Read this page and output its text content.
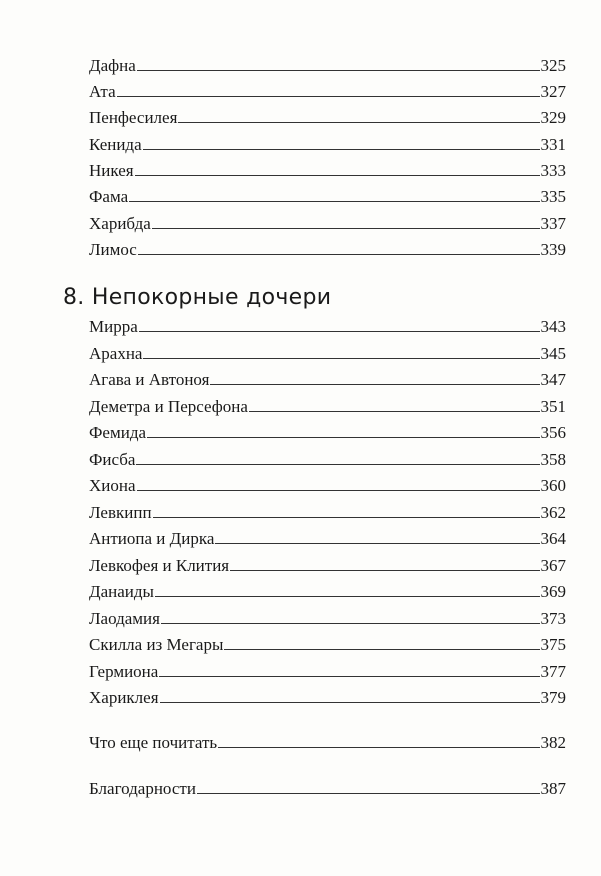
Дафна	325
Ата	327
Пенфесилея	329
Кенида	331
Никея	333
Фама	335
Харибда	337
Лимос	339
8. Непокорные дочери
Мирра	343
Арахна	345
Агава и Автоноя	347
Деметра и Персефона	351
Фемида	356
Фисба	358
Хиона	360
Левкипп	362
Антиопа и Дирка	364
Левкофея и Клития	367
Данаиды	369
Лаодамия	373
Скилла из Мегары	375
Гермиона	377
Хариклея	379
Что еще почитать	382
Благодарности	387
